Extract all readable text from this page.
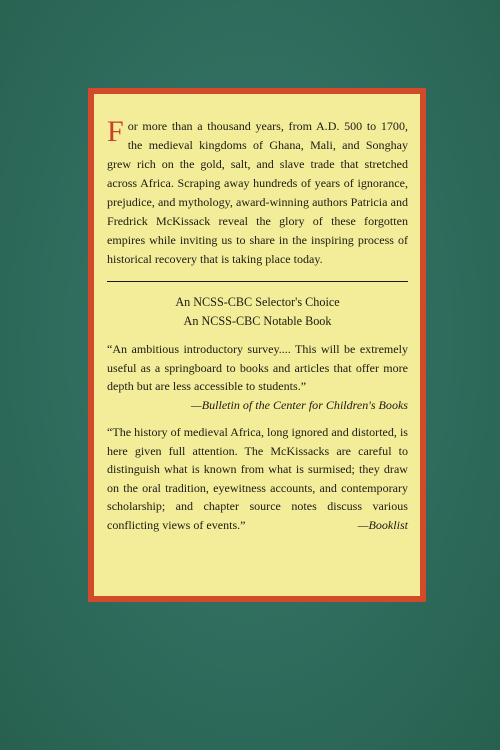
For more than a thousand years, from A.D. 500 to 1700, the medieval kingdoms of Ghana, Mali, and Songhay grew rich on the gold, salt, and slave trade that stretched across Africa. Scraping away hundreds of years of ignorance, prejudice, and mythology, award-winning authors Patricia and Fredrick McKissack reveal the glory of these forgotten empires while inviting us to share in the inspiring process of historical recovery that is taking place today.

An NCSS-CBC Selector's Choice
An NCSS-CBC Notable Book

“An ambitious introductory survey.... This will be extremely useful as a springboard to books and articles that offer more depth but are less accessible to students.”

—Bulletin of the Center for Children's Books

“The history of medieval Africa, long ignored and distorted, is here given full attention. The McKissacks are careful to distinguish what is known from what is surmised; they draw on the oral tradition, eyewitness accounts, and contemporary scholarship; and chapter source notes discuss various conflicting views of events.”	—Booklist
